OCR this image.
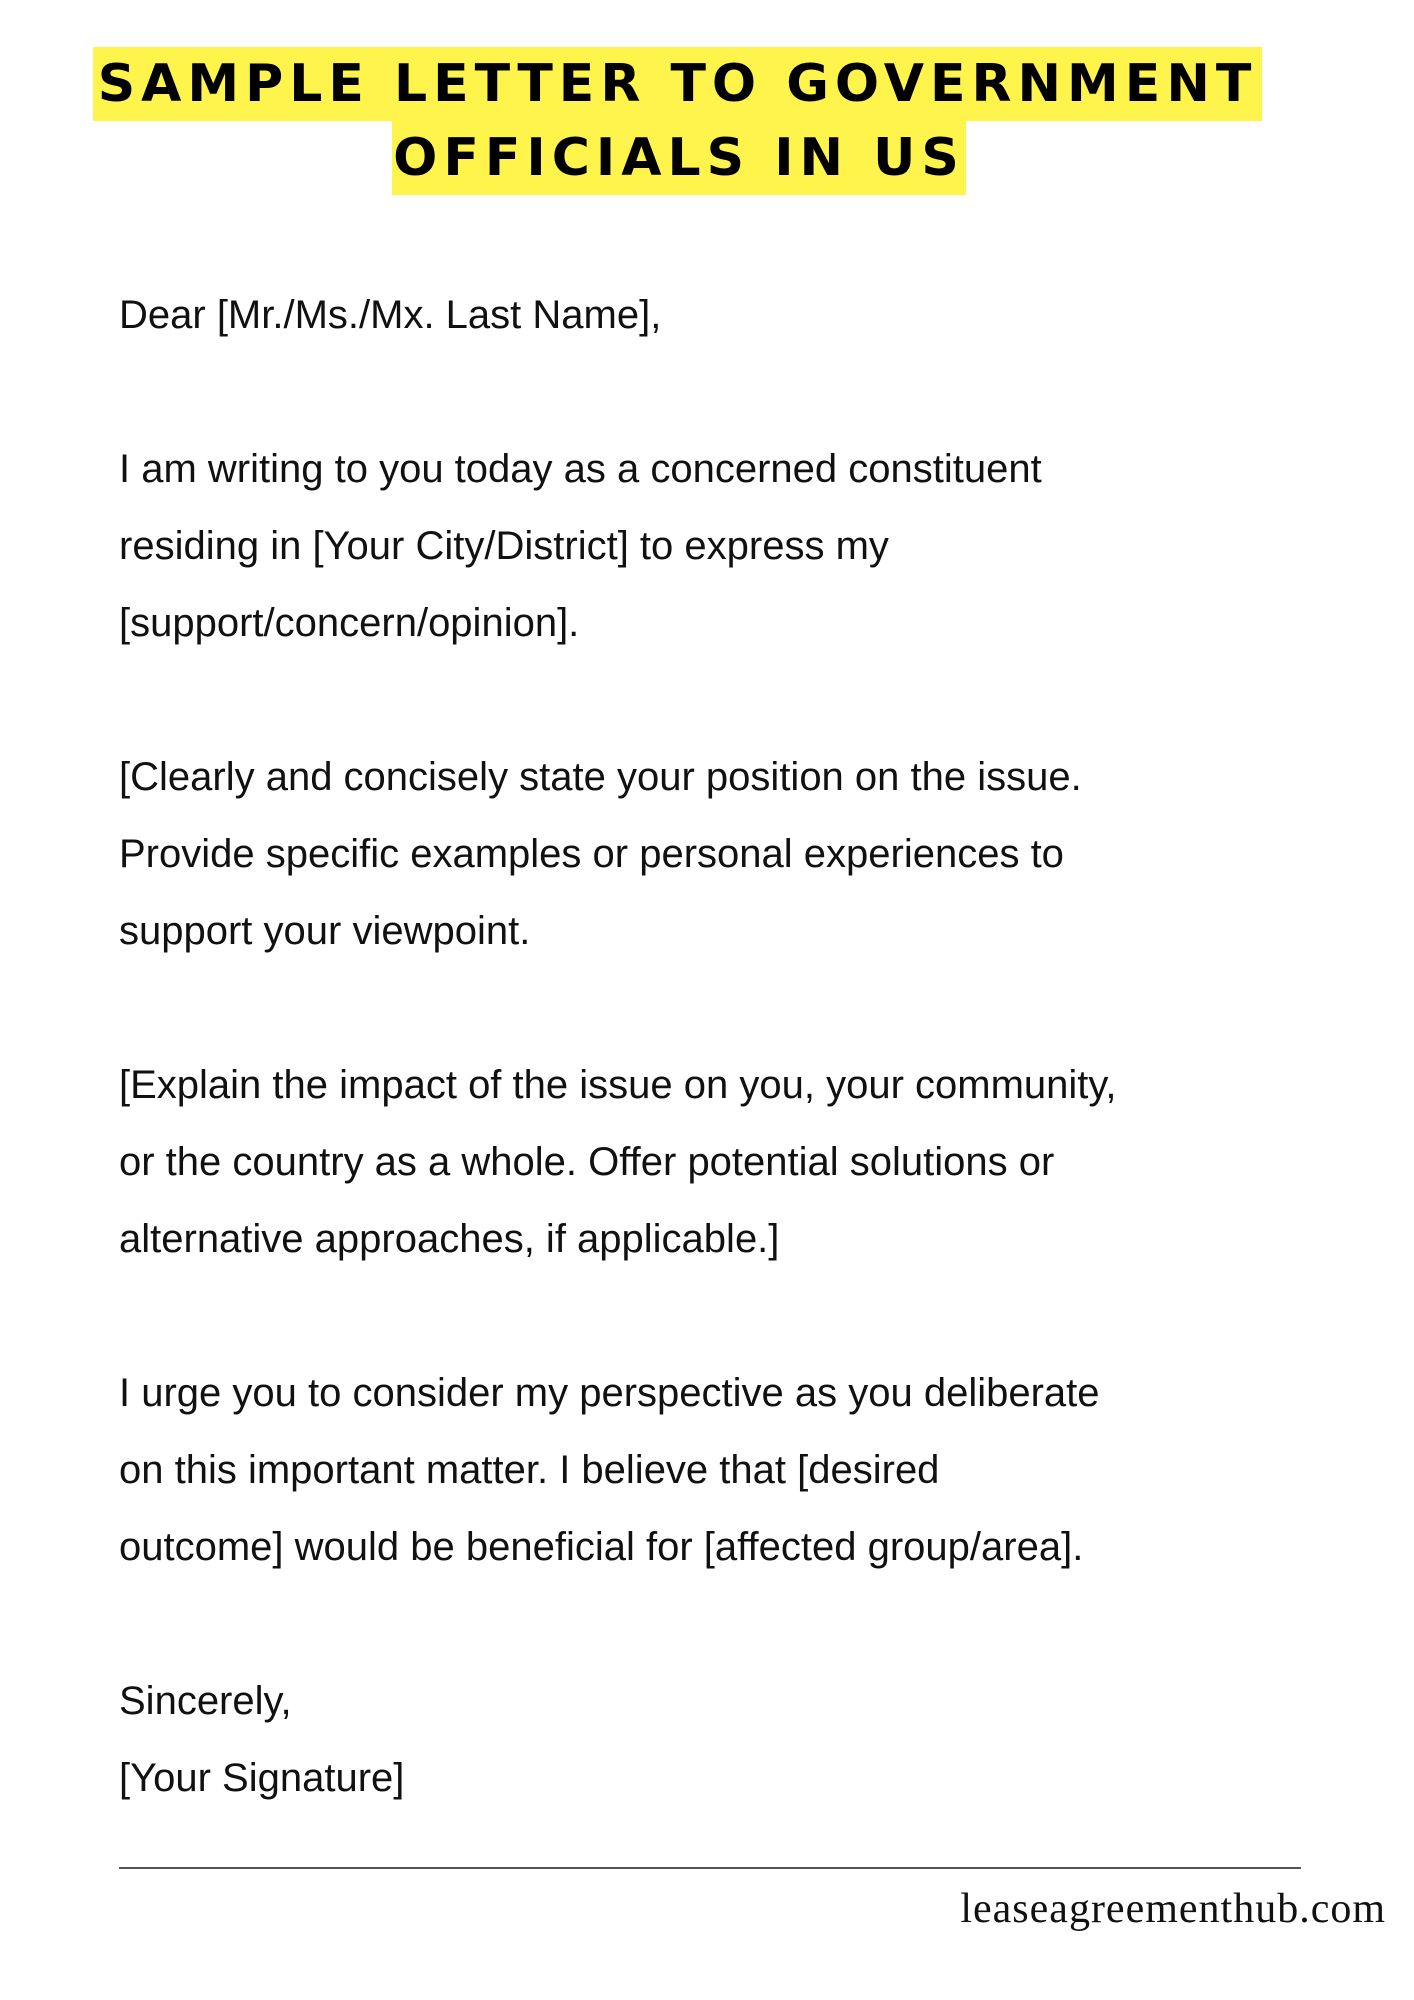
SAMPLE LETTER TO GOVERNMENT
OFFICIALS IN US

Dear [Mr./Ms./Mx. Last Name],

I am writing to you today as a concerned constituent

residing in [Your City/District] to express my

[support/concern/opinion].

[Clearly and concisely state your position on the issue.

Provide specific examples or personal experiences to

support your viewpoint.

[Explain the impact of the issue on you, your community,

or the country as a whole. Offer potential solutions or

alternative approaches, if applicable.]

I urge you to consider my perspective as you deliberate

on this important matter. I believe that [desired

outcome] would be beneficial for [affected group/area].

Sincerely,

[Your Signature]

leaseagreementhub.com
